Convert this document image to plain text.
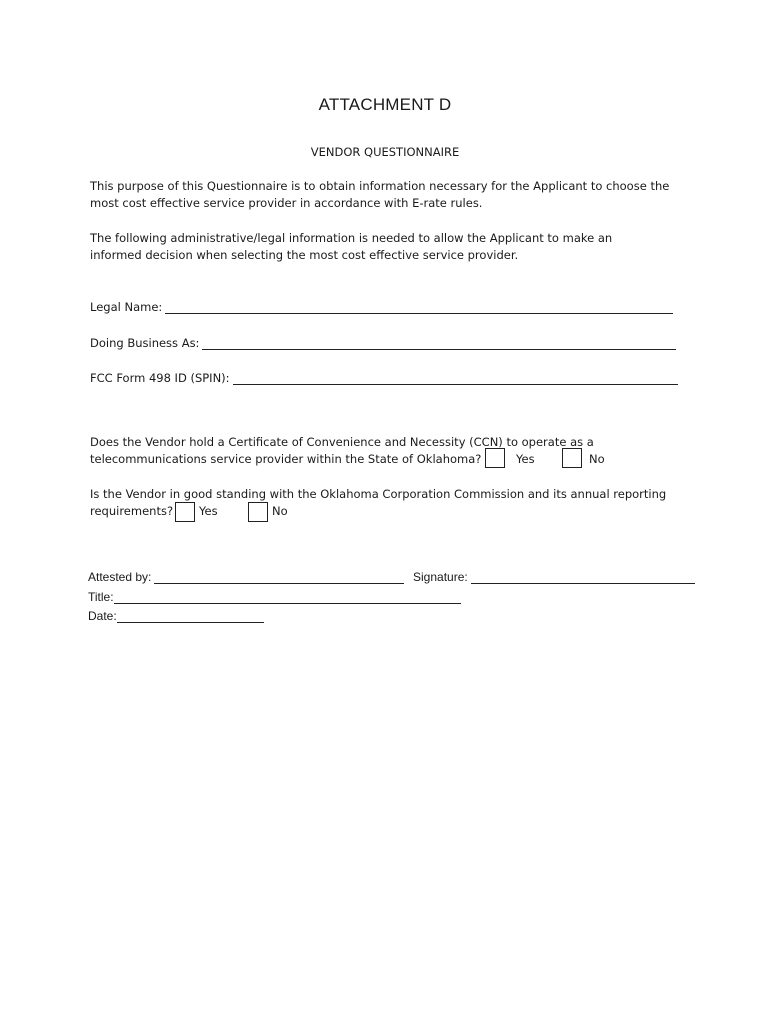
ATTACHMENT D
VENDOR QUESTIONNAIRE
This purpose of this Questionnaire is to obtain information necessary for the Applicant to choose the
most cost effective service provider in accordance with E-rate rules.
The following administrative/legal information is needed to allow the Applicant to make an
informed decision when selecting the most cost effective service provider.
Legal Name:
Doing Business As:
FCC Form 498 ID (SPIN):
Does the Vendor hold a Certificate of Convenience and Necessity (CCN) to operate as a
telecommunications service provider within the State of Oklahoma?	Yes	No
Is the Vendor in good standing with the Oklahoma Corporation Commission and its annual reporting
requirements? Yes	No
Attested by:	Signature:
Title:
Date:
